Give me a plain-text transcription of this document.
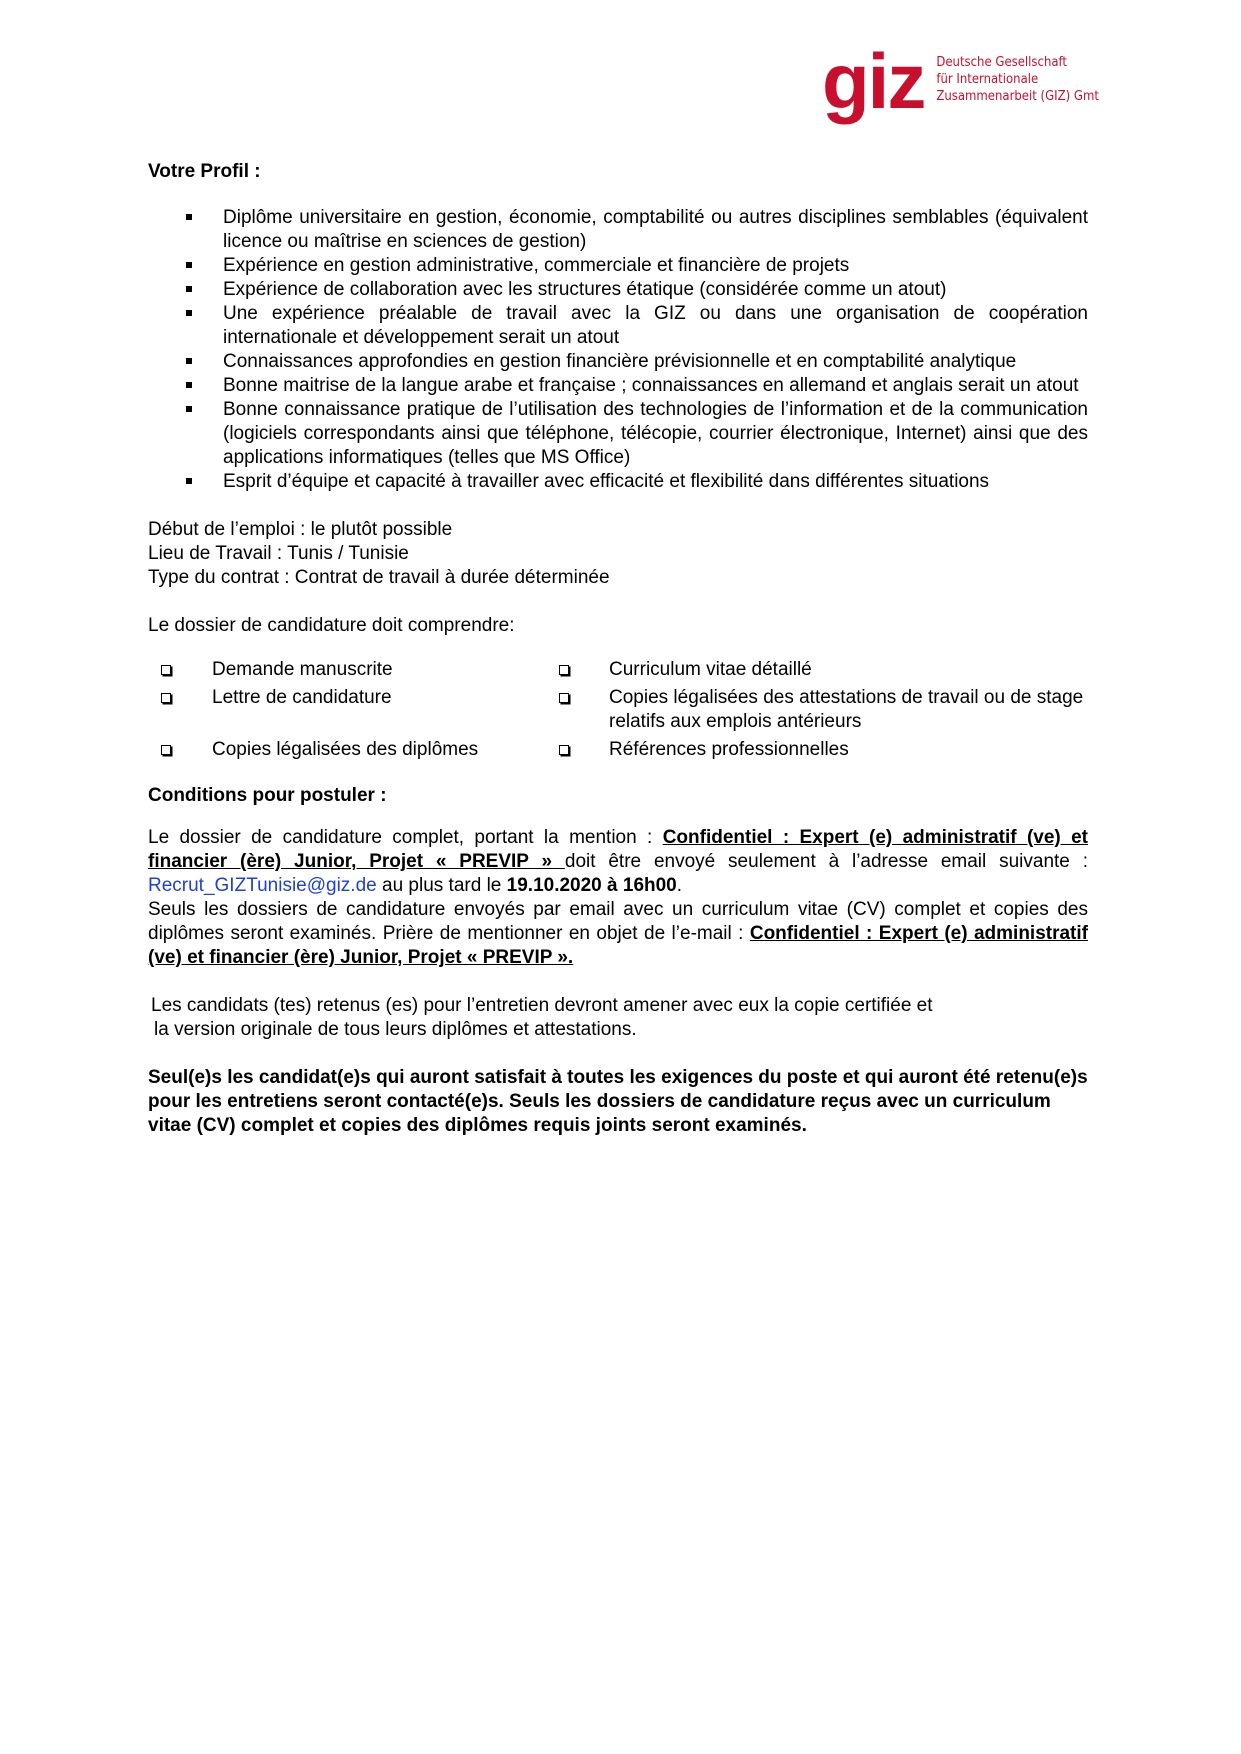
giz Deutsche Gesellschaft
für Internationale
Zusammenarbeit (GIZ) Gmt

Votre Profil :

Diplôme universitaire en gestion, économie, comptabilité ou autres disciplines semblables (équivalent licence ou maîtrise en sciences de gestion)
Expérience en gestion administrative, commerciale et financière de projets
Expérience de collaboration avec les structures étatique (considérée comme un atout)
Une expérience préalable de travail avec la GIZ ou dans une organisation de coopération internationale et développement serait un atout
Connaissances approfondies en gestion financière prévisionnelle et en comptabilité analytique
Bonne maitrise de la langue arabe et française ; connaissances en allemand et anglais serait un atout
Bonne connaissance pratique de l’utilisation des technologies de l’information et de la communication (logiciels correspondants ainsi que téléphone, télécopie, courrier électronique, Internet) ainsi que des applications informatiques (telles que MS Office)
Esprit d’équipe et capacité à travailler avec efficacité et flexibilité dans différentes situations
Début de l’emploi : le plutôt possible
Lieu de Travail : Tunis / Tunisie
Type du contrat : Contrat de travail à durée déterminée
Le dossier de candidature doit comprendre:
Demande manuscrite	Curriculum vitae détaillé
Lettre de candidature	Copies légalisées des attestations de travail ou de stage relatifs aux emplois antérieurs
Copies légalisées des diplômes	Références professionnelles

Conditions pour postuler :

Le dossier de candidature complet, portant la mention : Confidentiel : Expert (e) administratif (ve) et financier (ère) Junior, Projet « PREVIP » doit être envoyé seulement à l’adresse email suivante : Recrut_GIZTunisie@giz.de au plus tard le 19.10.2020 à 16h00.
Seuls les dossiers de candidature envoyés par email avec un curriculum vitae (CV) complet et copies des diplômes seront examinés. Prière de mentionner en objet de l’e-mail : Confidentiel : Expert (e) administratif (ve) et financier (ère) Junior, Projet « PREVIP ».
Les candidats (tes) retenus (es) pour l’entretien devront amener avec eux la copie certifiée et
la version originale de tous leurs diplômes et attestations.
Seul(e)s les candidat(e)s qui auront satisfait à toutes les exigences du poste et qui auront été retenu(e)s pour les entretiens seront contacté(e)s. Seuls les dossiers de candidature reçus avec un curriculum vitae (CV) complet et copies des diplômes requis joints seront examinés.
